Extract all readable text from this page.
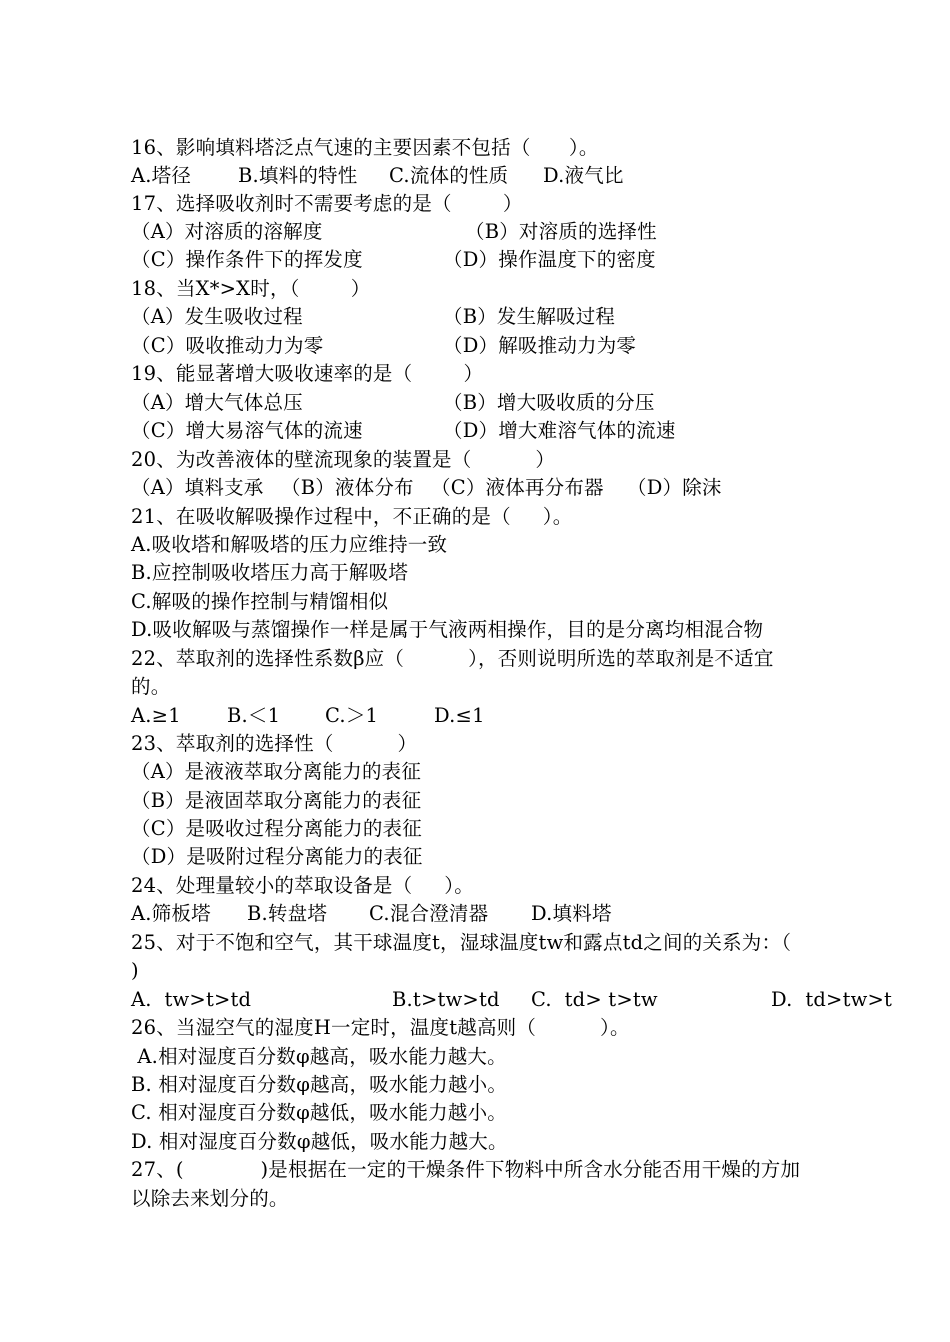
16、影响填料塔泛点气速的主要因素不包括（      ）。

A.塔径

B.填料的特性

C.流体的性质

D.液气比

17、选择吸收剂时不需要考虑的是（        ）

（A）对溶质的溶解度

	（B）对溶质的选择性

（C）操作条件下的挥发度

	（D）操作温度下的密度

18、当X*>X时，（        ）

（A）发生吸收过程

	（B）发生解吸过程

（C）吸收推动力为零

	（D）解吸推动力为零

19、能显著增大吸收速率的是（        ）

（A）增大气体总压

	（B）增大吸收质的分压

（C）增大易溶气体的流速

	（D）增大难溶气体的流速

20、为改善液体的壁流现象的装置是（          ）

（A）填料支承

（B）液体分布

（C）液体再分布器

（D）除沫

21、在吸收解吸操作过程中，不正确的是（     ）。
A.吸收塔和解吸塔的压力应维持一致
B.应控制吸收塔压力高于解吸塔
C.解吸的操作控制与精馏相似
D.吸收解吸与蒸馏操作一样是属于气液两相操作，目的是分离均相混合物
22、萃取剂的选择性系数β应（          ），否则说明所选的萃取剂是不适宜
的。

A.≥1

B.＜1

C.＞1

	D.≤1

23、萃取剂的选择性（          ）
（A）是液液萃取分离能力的表征
（B）是液固萃取分离能力的表征
（C）是吸收过程分离能力的表征
（D）是吸附过程分离能力的表征
24、处理量较小的萃取设备是（     ）。

A.筛板塔

B.转盘塔

C.混合澄清器

D.填料塔

25、对于不饱和空气，其干球温度t，湿球温度tw和露点td之间的关系为：（
)

A.  tw>t>td

	B.t>tw>td

C.  td> t>tw

	D.  td>tw>t

26、当湿空气的湿度H一定时，温度t越高则（          ）。
A.相对湿度百分数φ越高，吸水能力越大。
B. 相对湿度百分数φ越高，吸水能力越小。
C. 相对湿度百分数φ越低，吸水能力越小。
D. 相对湿度百分数φ越低，吸水能力越大。
27、(            )是根据在一定的干燥条件下物料中所含水分能否用干燥的方加
以除去来划分的。
